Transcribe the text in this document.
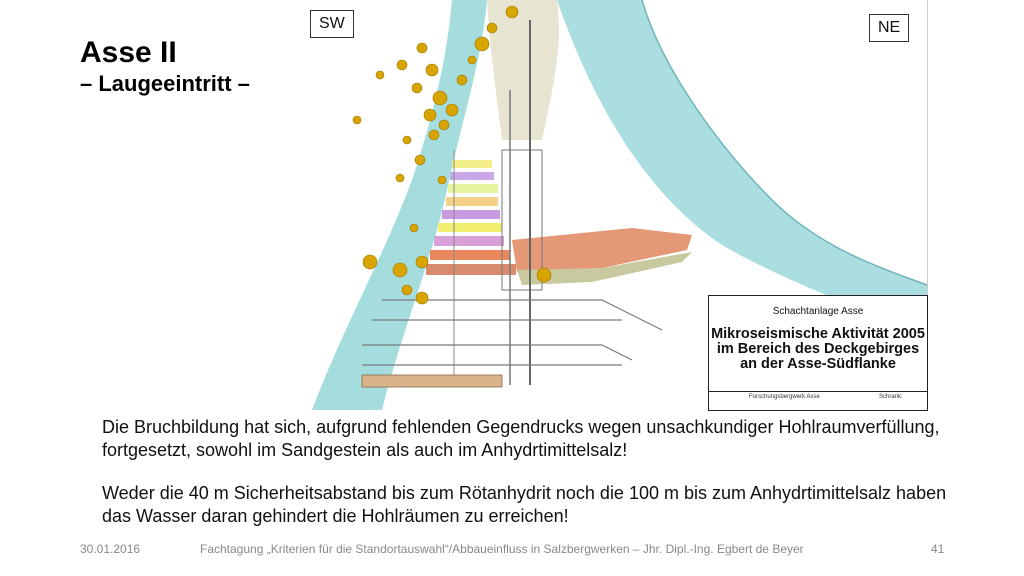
Asse II
– Laugeeintritt –
SW	NE
Schachtanlage Asse
Mikroseismische Aktivität 2005
im Bereich des Deckgebirges
an der Asse-Südflanke
Forschungsbergwerk Asse	Schrank:
Die Bruchbildung hat sich, aufgrund fehlenden Gegendrucks wegen unsachkundiger Hohlraumverfüllung, fortgesetzt, sowohl im Sandgestein als auch im Anhydrtimittelsalz!
Weder die 40 m Sicherheitsabstand bis zum Rötanhydrit noch die 100 m bis zum Anhydrtimittelsalz haben das Wasser daran gehindert die Hohlräumen zu erreichen!
30.01.2016	Fachtagung „Kriterien für die Standortauswahl“/Abbaueinfluss in Salzbergwerken – Jhr. Dipl.-Ing. Egbert de Beyer	41
